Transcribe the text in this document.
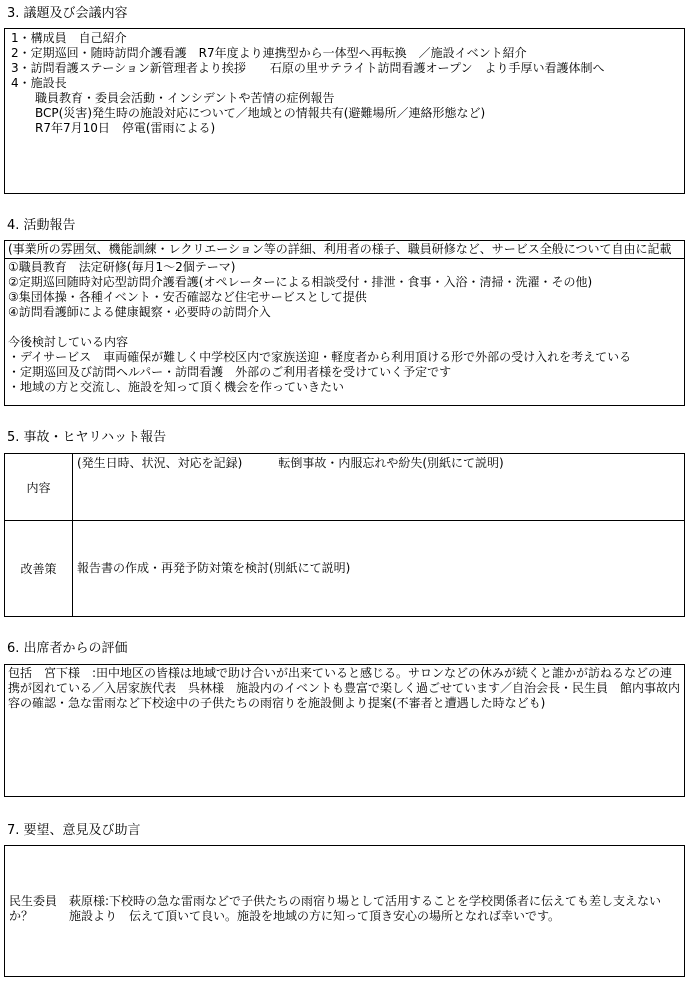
3. 議題及び会議内容
1・構成員　自己紹介
2・定期巡回・随時訪問介護看護　R7年度より連携型から一体型へ再転換　／施設イベント紹介
3・訪問看護ステーション新管理者より挨拶　　石原の里サテライト訪問看護オープン　より手厚い看護体制へ
4・施設長
　　職員教育・委員会活動・インシデントや苦情の症例報告
　　BCP(災害)発生時の施設対応について／地域との情報共有(避難場所／連絡形態など)
　　R7年7月10日　停電(雷雨による)
4. 活動報告
(事業所の雰囲気、機能訓練・レクリエーション等の詳細、利用者の様子、職員研修など、サービス全般について自由に記載
①職員教育　法定研修(毎月1～2個テーマ)
②定期巡回随時対応型訪問介護看護(オペレーターによる相談受付・排泄・食事・入浴・清掃・洗濯・その他)
③集団体操・各種イベント・安否確認など住宅サービスとして提供
④訪問看護師による健康観察・必要時の訪問介入
今後検討している内容
・デイサービス　車両確保が難しく中学校区内で家族送迎・軽度者から利用頂ける形で外部の受け入れを考えている
・定期巡回及び訪問ヘルパー・訪問看護　外部のご利用者様を受けていく予定です
・地域の方と交流し、施設を知って頂く機会を作っていきたい
5. 事故・ヒヤリハット報告
内容
(発生日時、状況、対応を記録)　　　転倒事故・内服忘れや紛失(別紙にて説明)
改善策	報告書の作成・再発予防対策を検討(別紙にて説明)
6. 出席者からの評価
包括　宮下様　:田中地区の皆様は地域で助け合いが出来ていると感じる。サロンなどの休みが続くと誰かが訪ねるなどの連携が図れている／入居家族代表　呉林様　施設内のイベントも豊富で楽しく過ごせています／自治会長・民生員　館内事故内容の確認・急な雷雨など下校途中の子供たちの雨宿りを施設側より提案(不審者と遭遇した時なども)
7. 要望、意見及び助言
民生委員　萩原様:下校時の急な雷雨などで子供たちの雨宿り場として活用することを学校関係者に伝えても差し支えないか？　　　施設より　伝えて頂いて良い。施設を地域の方に知って頂き安心の場所となれば幸いです。
